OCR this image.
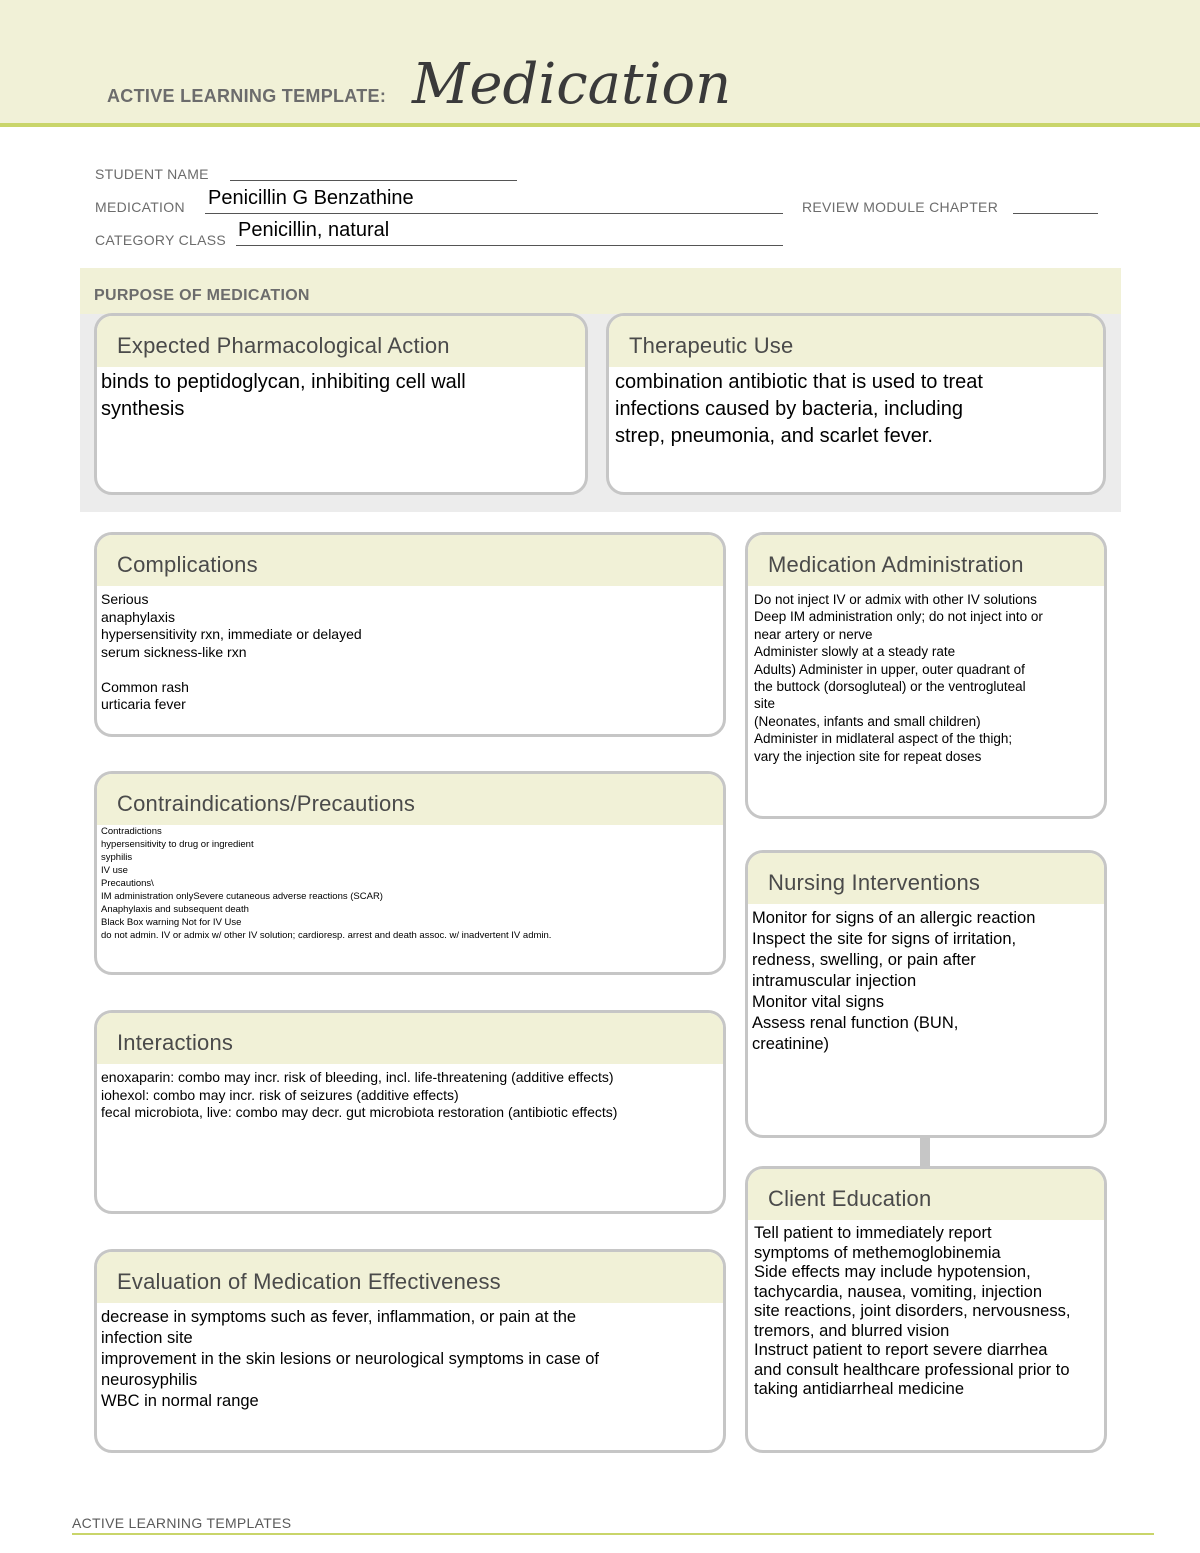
ACTIVE LEARNING TEMPLATE: Medication
STUDENT NAME
MEDICATION Penicillin G Benzathine	REVIEW MODULE CHAPTER
CATEGORY CLASS Penicillin, natural
PURPOSE OF MEDICATION
Expected Pharmacological Action
binds to peptidoglycan, inhibiting cell wall
synthesis
Therapeutic Use
combination antibiotic that is used to treat
infections caused by bacteria, including
strep, pneumonia, and scarlet fever.
Complications
Serious
anaphylaxis
hypersensitivity rxn, immediate or delayed
serum sickness-like rxn

Common rash
urticaria fever
Contraindications/Precautions
Contradictions
hypersensitivity to drug or ingredient
syphilis
IV use
Precautions\
IM administration onlySevere cutaneous adverse reactions (SCAR)
Anaphylaxis and subsequent death
Black Box warning Not for IV Use
do not admin. IV or admix w/ other IV solution; cardioresp. arrest and death assoc. w/ inadvertent IV admin.
Interactions
enoxaparin: combo may incr. risk of bleeding, incl. life-threatening (additive effects)
iohexol: combo may incr. risk of seizures (additive effects)
fecal microbiota, live: combo may decr. gut microbiota restoration (antibiotic effects)
Evaluation of Medication Effectiveness
decrease in symptoms such as fever, inflammation, or pain at the
infection site
improvement in the skin lesions or neurological symptoms in case of
neurosyphilis
WBC in normal range
Medication Administration
Do not inject IV or admix with other IV solutions
Deep IM administration only; do not inject into or
near artery or nerve
Administer slowly at a steady rate
Adults) Administer in upper, outer quadrant of
the buttock (dorsogluteal) or the ventrogluteal
site
(Neonates, infants and small children)
Administer in midlateral aspect of the thigh;
vary the injection site for repeat doses
Nursing Interventions
Monitor for signs of an allergic reaction
Inspect the site for signs of irritation,
redness, swelling, or pain after
intramuscular injection
Monitor vital signs
Assess renal function (BUN,
creatinine)
Client Education
Tell patient to immediately report
symptoms of methemoglobinemia
Side effects may include hypotension,
tachycardia, nausea, vomiting, injection
site reactions, joint disorders, nervousness,
tremors, and blurred vision
Instruct patient to report severe diarrhea
and consult healthcare professional prior to
taking antidiarrheal medicine
ACTIVE LEARNING TEMPLATES
